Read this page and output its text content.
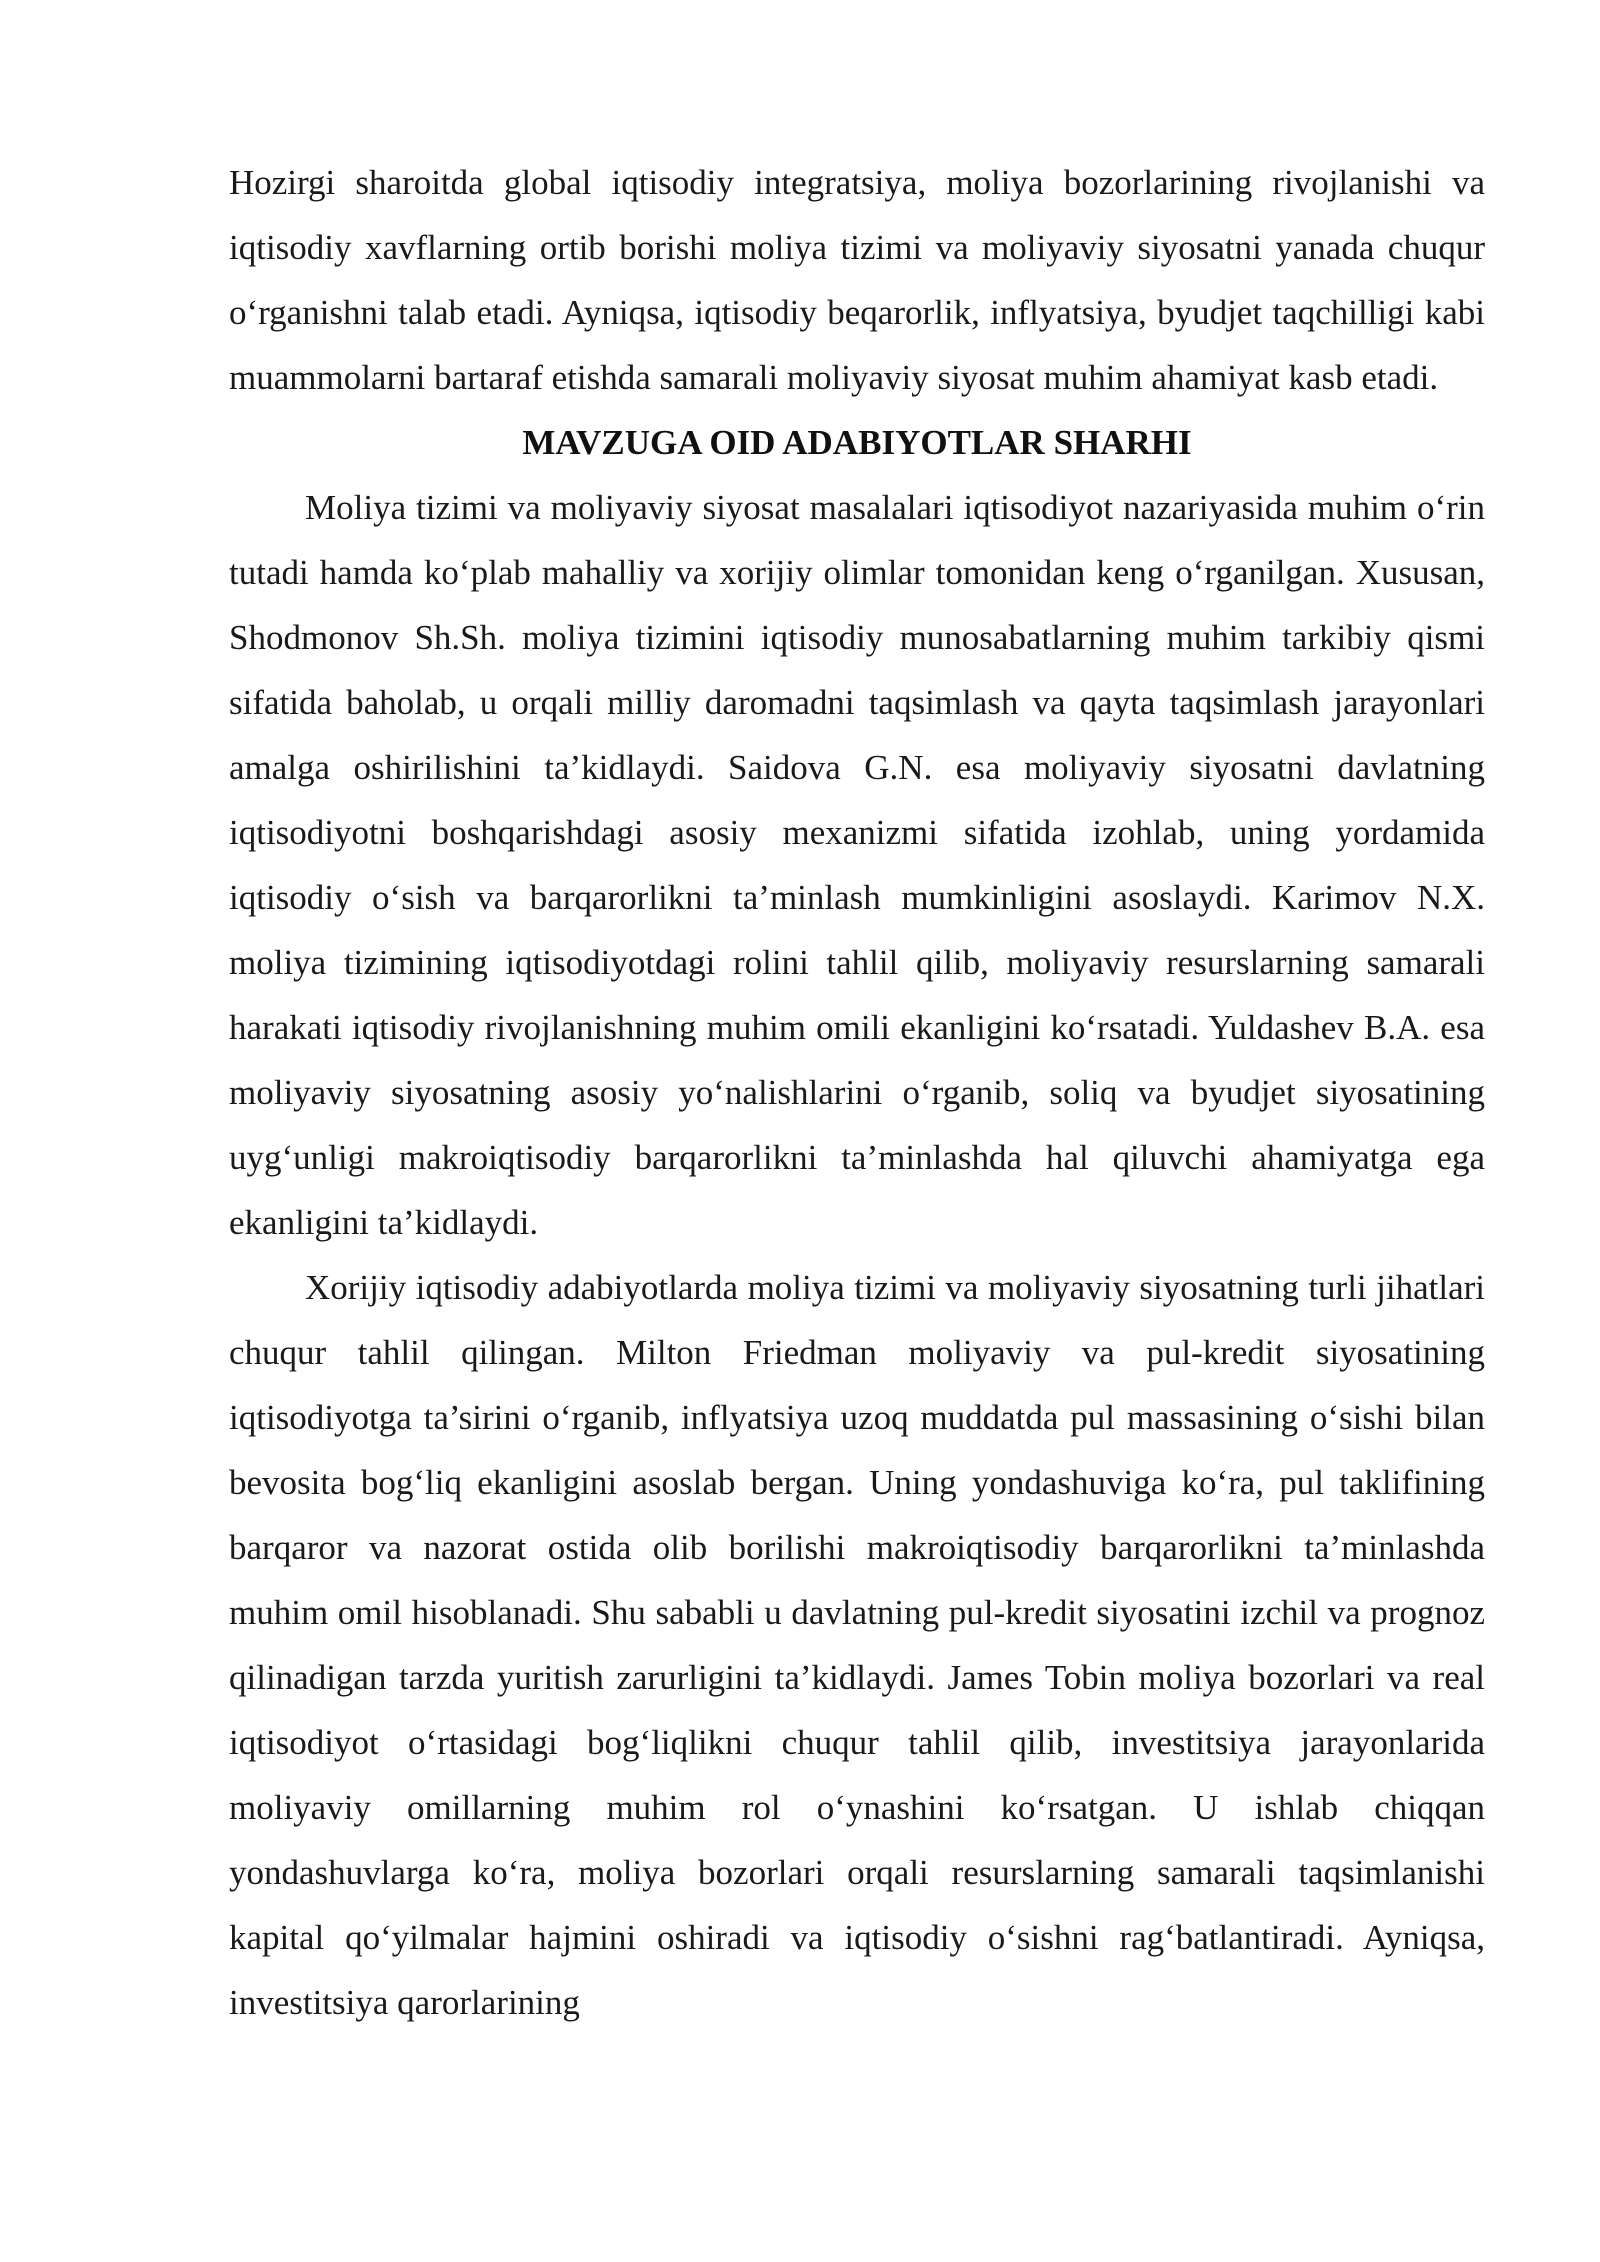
Hozirgi sharoitda global iqtisodiy integratsiya, moliya bozorlarining rivojlanishi va iqtisodiy xavflarning ortib borishi moliya tizimi va moliyaviy siyosatni yanada chuqur o‘rganishni talab etadi. Ayniqsa, iqtisodiy beqarorlik, inflyatsiya, byudjet taqchilligi kabi muammolarni bartaraf etishda samarali moliyaviy siyosat muhim ahamiyat kasb etadi.

MAVZUGA OID ADABIYOTLAR SHARHI

Moliya tizimi va moliyaviy siyosat masalalari iqtisodiyot nazariyasida muhim o‘rin tutadi hamda ko‘plab mahalliy va xorijiy olimlar tomonidan keng o‘rganilgan. Xususan, Shodmonov Sh.Sh. moliya tizimini iqtisodiy munosabatlarning muhim tarkibiy qismi sifatida baholab, u orqali milliy daromadni taqsimlash va qayta taqsimlash jarayonlari amalga oshirilishini ta’kidlaydi. Saidova G.N. esa moliyaviy siyosatni davlatning iqtisodiyotni boshqarishdagi asosiy mexanizmi sifatida izohlab, uning yordamida iqtisodiy o‘sish va barqarorlikni ta’minlash mumkinligini asoslaydi. Karimov N.X. moliya tizimining iqtisodiyotdagi rolini tahlil qilib, moliyaviy resurslarning samarali harakati iqtisodiy rivojlanishning muhim omili ekanligini ko‘rsatadi. Yuldashev B.A. esa moliyaviy siyosatning asosiy yo‘nalishlarini o‘rganib, soliq va byudjet siyosatining uyg‘unligi makroiqtisodiy barqarorlikni ta’minlashda hal qiluvchi ahamiyatga ega ekanligini ta’kidlaydi.

Xorijiy iqtisodiy adabiyotlarda moliya tizimi va moliyaviy siyosatning turli jihatlari chuqur tahlil qilingan. Milton Friedman moliyaviy va pul-kredit siyosatining iqtisodiyotga ta’sirini o‘rganib, inflyatsiya uzoq muddatda pul massasining o‘sishi bilan bevosita bog‘liq ekanligini asoslab bergan. Uning yondashuviga ko‘ra, pul taklifining barqaror va nazorat ostida olib borilishi makroiqtisodiy barqarorlikni ta’minlashda muhim omil hisoblanadi. Shu sababli u davlatning pul-kredit siyosatini izchil va prognoz qilinadigan tarzda yuritish zarurligini ta’kidlaydi. James Tobin moliya bozorlari va real iqtisodiyot o‘rtasidagi bog‘liqlikni chuqur tahlil qilib, investitsiya jarayonlarida moliyaviy omillarning muhim rol o‘ynashini ko‘rsatgan. U ishlab chiqqan yondashuvlarga ko‘ra, moliya bozorlari orqali resurslarning samarali taqsimlanishi kapital qo‘yilmalar hajmini oshiradi va iqtisodiy o‘sishni rag‘batlantiradi. Ayniqsa, investitsiya qarorlarining
